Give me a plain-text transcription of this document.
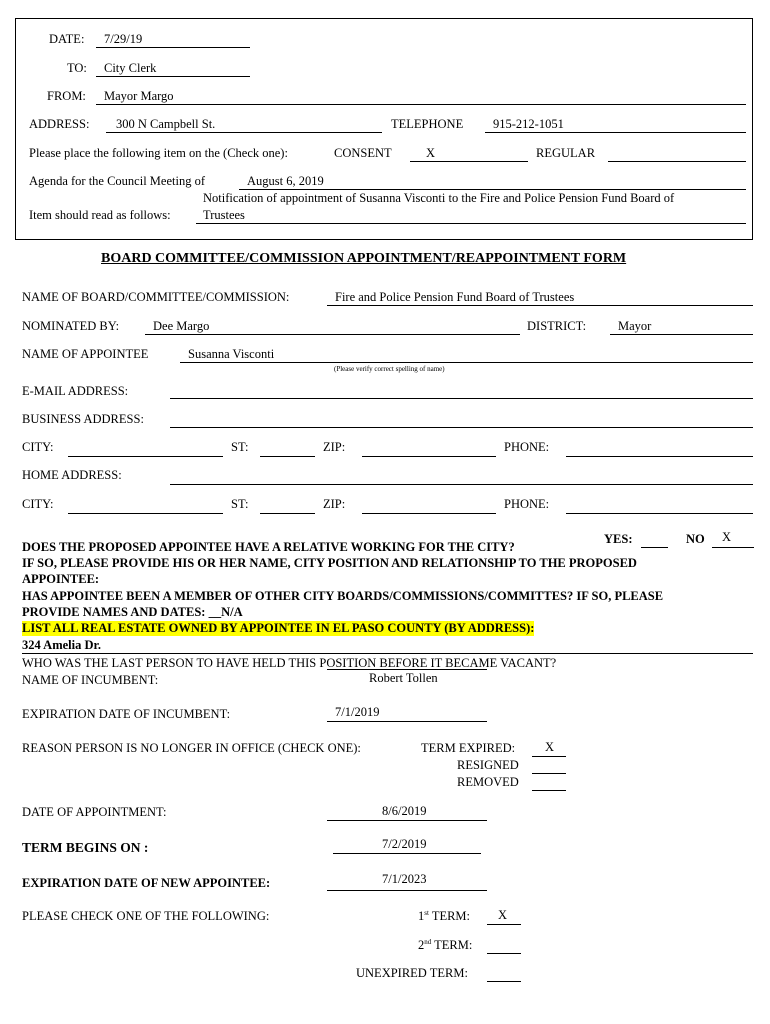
DATE: 7/29/19
TO: City Clerk
FROM: Mayor Margo
ADDRESS: 300 N Campbell St.	TELEPHONE 915-212-1051
Please place the following item on the (Check one):	CONSENT	X	REGULAR
Agenda for the Council Meeting of	August 6, 2019
Notification of appointment of Susanna Visconti to the Fire and Police Pension Fund Board of
Item should read as follows:	Trustees
BOARD COMMITTEE/COMMISSION APPOINTMENT/REAPPOINTMENT FORM
NAME OF BOARD/COMMITTEE/COMMISSION:	Fire and Police Pension Fund Board of Trustees
NOMINATED BY:	Dee Margo	DISTRICT:	Mayor
NAME OF APPOINTEE	Susanna Visconti
(Please verify correct spelling of name)
E-MAIL ADDRESS:
BUSINESS ADDRESS:
CITY:	ST:	ZIP:	PHONE:
HOME ADDRESS:
CITY:	ST:	ZIP:	PHONE:
YES:	NO X
DOES THE PROPOSED APPOINTEE HAVE A RELATIVE WORKING FOR THE CITY?
IF SO, PLEASE PROVIDE HIS OR HER NAME, CITY POSITION AND RELATIONSHIP TO THE PROPOSED
APPOINTEE:
HAS APPOINTEE BEEN A MEMBER OF OTHER CITY BOARDS/COMMISSIONS/COMMITTES? IF SO, PLEASE
PROVIDE NAMES AND DATES: __N/A
LIST ALL REAL ESTATE OWNED BY APPOINTEE IN EL PASO COUNTY (BY ADDRESS):
324 Amelia Dr.
WHO WAS THE LAST PERSON TO HAVE HELD THIS POSITION BEFORE IT BECAME VACANT?
NAME OF INCUMBENT:	Robert Tollen
EXPIRATION DATE OF INCUMBENT:	7/1/2019
REASON PERSON IS NO LONGER IN OFFICE (CHECK ONE):	TERM EXPIRED: X
RESIGNED
REMOVED
DATE OF APPOINTMENT:	8/6/2019
TERM BEGINS ON :	7/2/2019
EXPIRATION DATE OF NEW APPOINTEE:	7/1/2023
PLEASE CHECK ONE OF THE FOLLOWING:	1st TERM: X
2nd TERM:
UNEXPIRED TERM:
